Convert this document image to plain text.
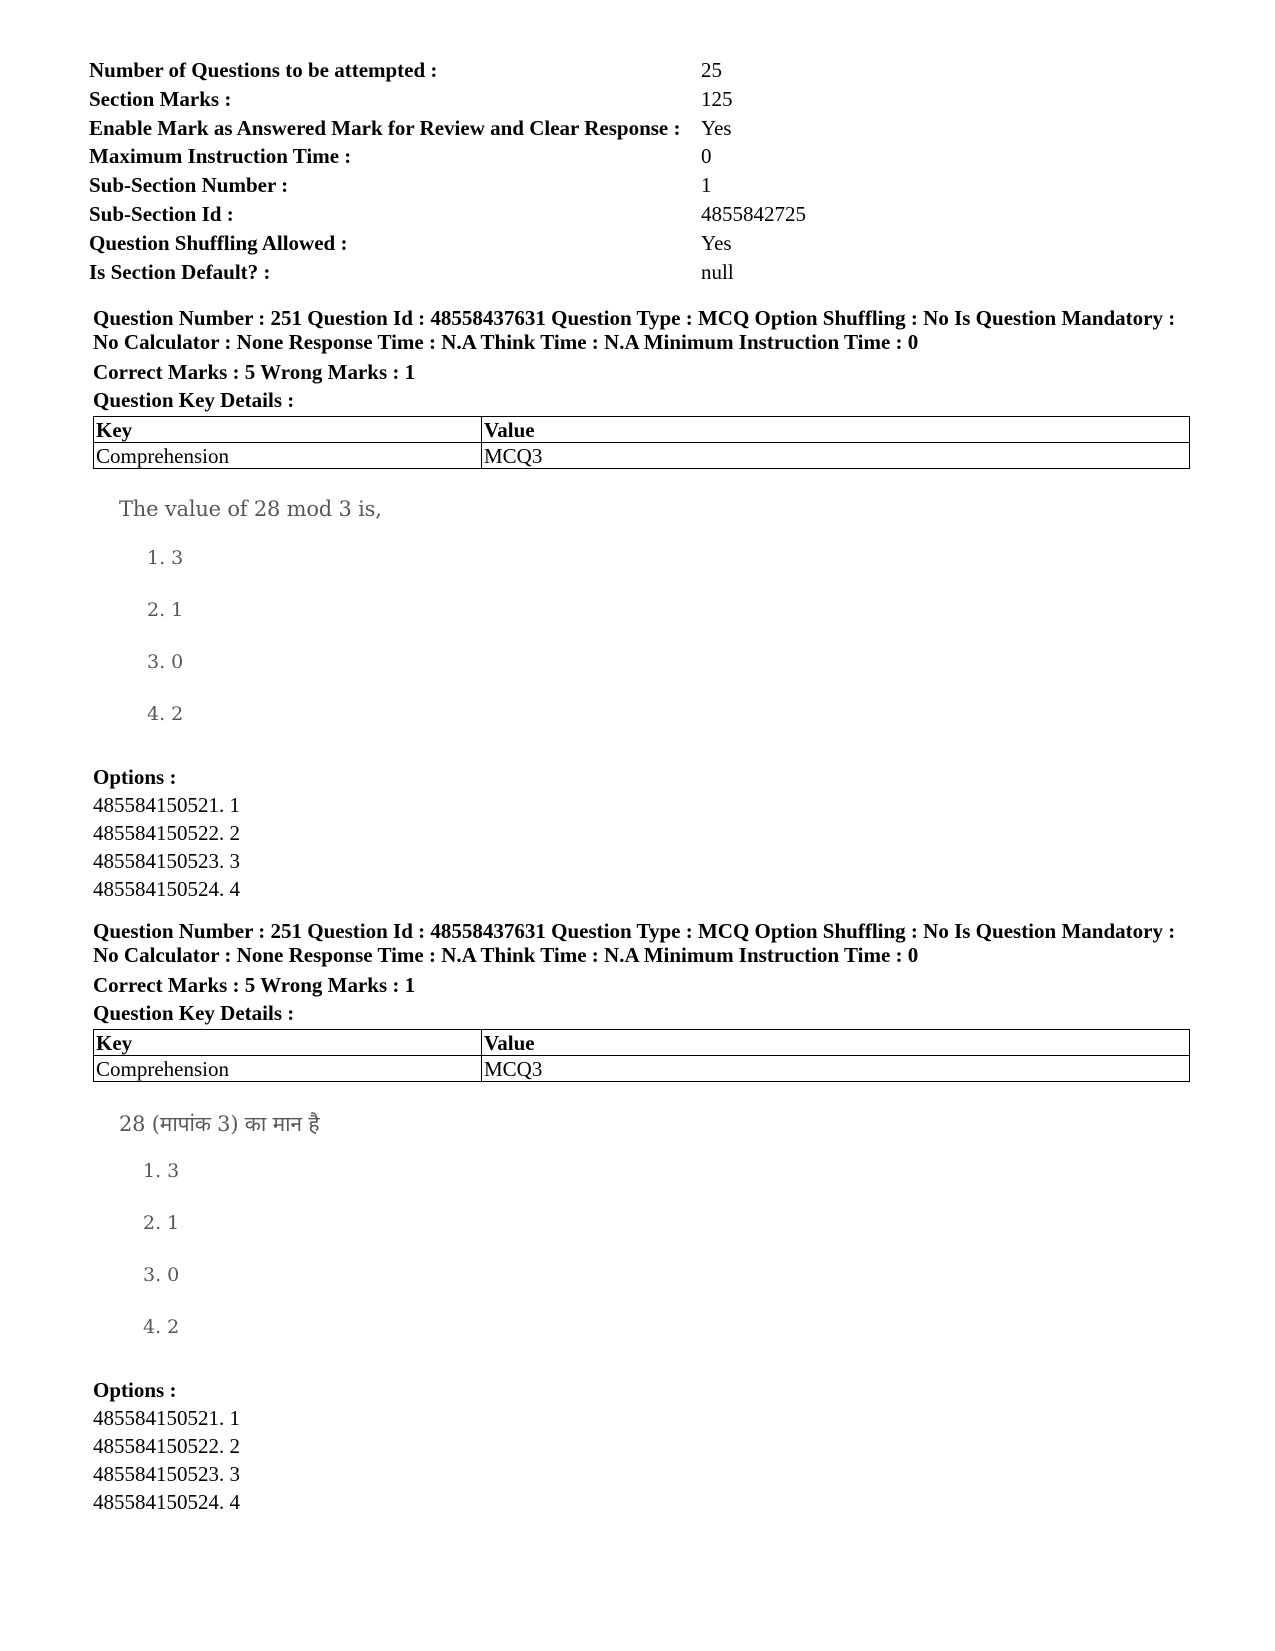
Number of Questions to be attempted :	25
Section Marks :	125
Enable Mark as Answered Mark for Review and Clear Response : Yes
Maximum Instruction Time :	0
Sub-Section Number :	1
Sub-Section Id :	4855842725
Question Shuffling Allowed :	Yes
Is Section Default? :	null
Question Number : 251 Question Id : 48558437631 Question Type : MCQ Option Shuffling : No Is Question Mandatory :
No Calculator : None Response Time : N.A Think Time : N.A Minimum Instruction Time : 0
Correct Marks : 5 Wrong Marks : 1
Question Key Details :
Key	Value
Comprehension	MCQ3
The value of 28 mod 3 is,
1. 3
2. 1
3. 0
4. 2
Options :
485584150521. 1
485584150522. 2
485584150523. 3
485584150524. 4
Question Number : 251 Question Id : 48558437631 Question Type : MCQ Option Shuffling : No Is Question Mandatory :
No Calculator : None Response Time : N.A Think Time : N.A Minimum Instruction Time : 0
Correct Marks : 5 Wrong Marks : 1
Question Key Details :
Key	Value
Comprehension	MCQ3
28 (मापांक 3) का मान है
1. 3
2. 1
3. 0
4. 2
Options :
485584150521. 1
485584150522. 2
485584150523. 3
485584150524. 4
